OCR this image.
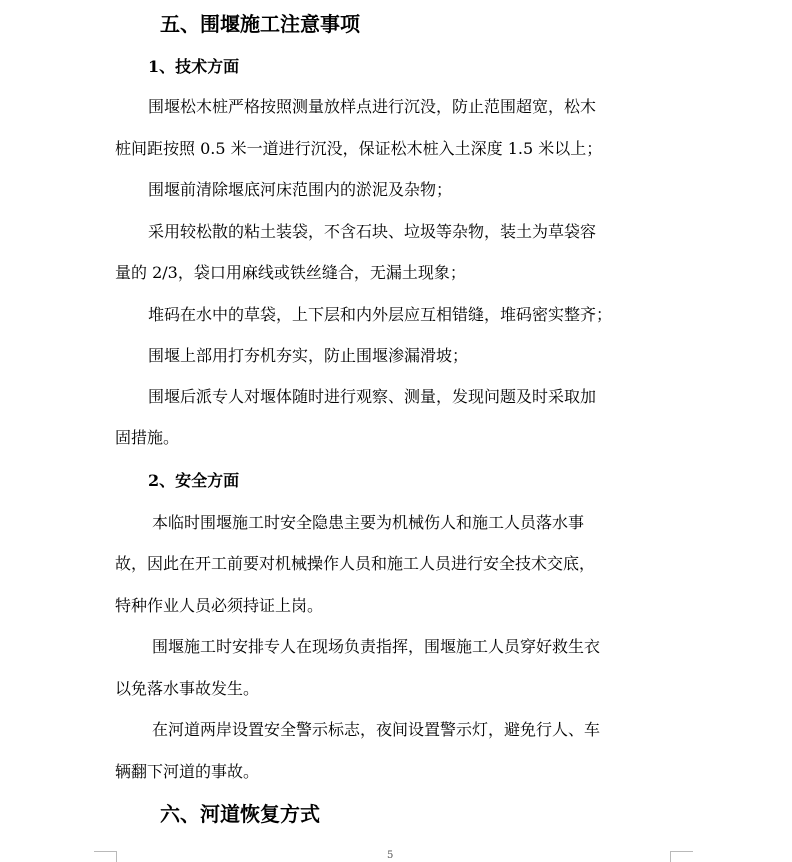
五、围堰施工注意事项
1、技术方面
围堰松木桩严格按照测量放样点进行沉没，防止范围超宽，松木
桩间距按照 0.5 米一道进行沉没，保证松木桩入土深度 1.5 米以上；
围堰前清除堰底河床范围内的淤泥及杂物；
采用较松散的粘土装袋，不含石块、垃圾等杂物，装土为草袋容
量的 2/3，袋口用麻线或铁丝缝合，无漏土现象；
堆码在水中的草袋，上下层和内外层应互相错缝，堆码密实整齐；
围堰上部用打夯机夯实，防止围堰渗漏滑坡；
围堰后派专人对堰体随时进行观察、测量，发现问题及时采取加
固措施。
2、安全方面
本临时围堰施工时安全隐患主要为机械伤人和施工人员落水事
故，因此在开工前要对机械操作人员和施工人员进行安全技术交底，
特种作业人员必须持证上岗。
围堰施工时安排专人在现场负责指挥，围堰施工人员穿好救生衣
以免落水事故发生。
在河道两岸设置安全警示标志，夜间设置警示灯，避免行人、车
辆翻下河道的事故。
六、河道恢复方式
5
